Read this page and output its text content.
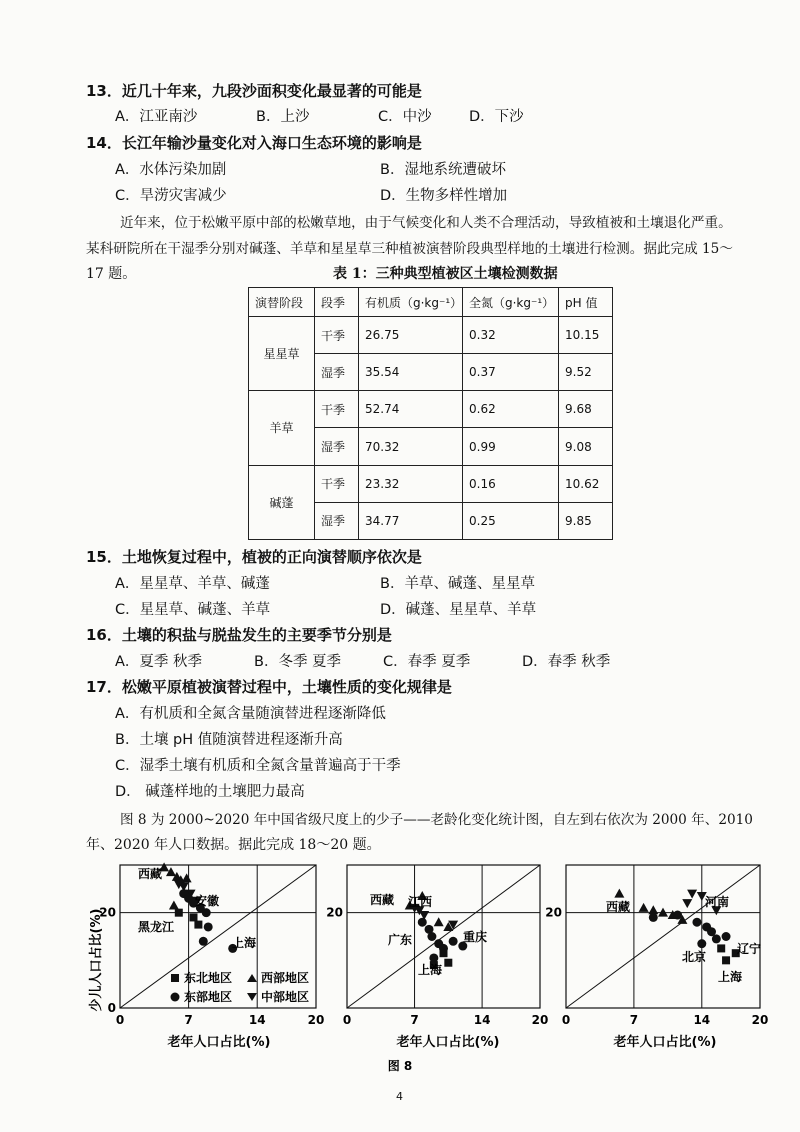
13．近几十年来，九段沙面积变化最显著的可能是
A．江亚南沙	B．上沙	C．中沙	D．下沙
14．长江年输沙量变化对入海口生态环境的影响是
A．水体污染加剧	B．湿地系统遭破坏
C．旱涝灾害减少	D．生物多样性增加
近年来，位于松嫩平原中部的松嫩草地，由于气候变化和人类不合理活动，导致植被和土壤退化严重。
某科研院所在干湿季分别对碱蓬、羊草和星星草三种植被演替阶段典型样地的土壤进行检测。据此完成 15～
17 题。	表 1：三种典型植被区土壤检测数据
演替阶段	段季	有机质（g·kg⁻¹）	全氮（g·kg⁻¹）	pH 值
星星草	干季	26.75	0.32	10.15
	湿季	35.54	0.37	9.52
羊草	干季	52.74	0.62	9.68
	湿季	70.32	0.99	9.08
碱蓬	干季	23.32	0.16	10.62
	湿季	34.77	0.25	9.85
15．土地恢复过程中，植被的正向演替顺序依次是
A．星星草、羊草、碱蓬	B．羊草、碱蓬、星星草
C．星星草、碱蓬、羊草	D．碱蓬、星星草、羊草
16．土壤的积盐与脱盐发生的主要季节分别是
A．夏季 秋季	B．冬季 夏季	C．春季 夏季	D．春季 秋季
17．松嫩平原植被演替过程中，土壤性质的变化规律是
A．有机质和全氮含量随演替进程逐渐降低
B．土壤 pH 值随演替进程逐渐升高
C．湿季土壤有机质和全氮含量普遍高于干季
D． 碱蓬样地的土壤肥力最高
图 8 为 2000~2020 年中国省级尺度上的少子——老龄化变化统计图，自左到右依次为 2000 年、2010
年、2020 年人口数据。据此完成 18～20 题。
少儿人口占比(%)
老年人口占比(%)	老年人口占比(%)	老年人口占比(%)
0	7	14	20
0
20
西藏
安徽
黑龙江
上海
0	7	14	20
20
西藏 江西
广东	重庆
上海
0	7	14	20
20	西藏	河南
北京
辽宁
上海
东北地区 西部地区
东部地区 中部地区
图 8
4
